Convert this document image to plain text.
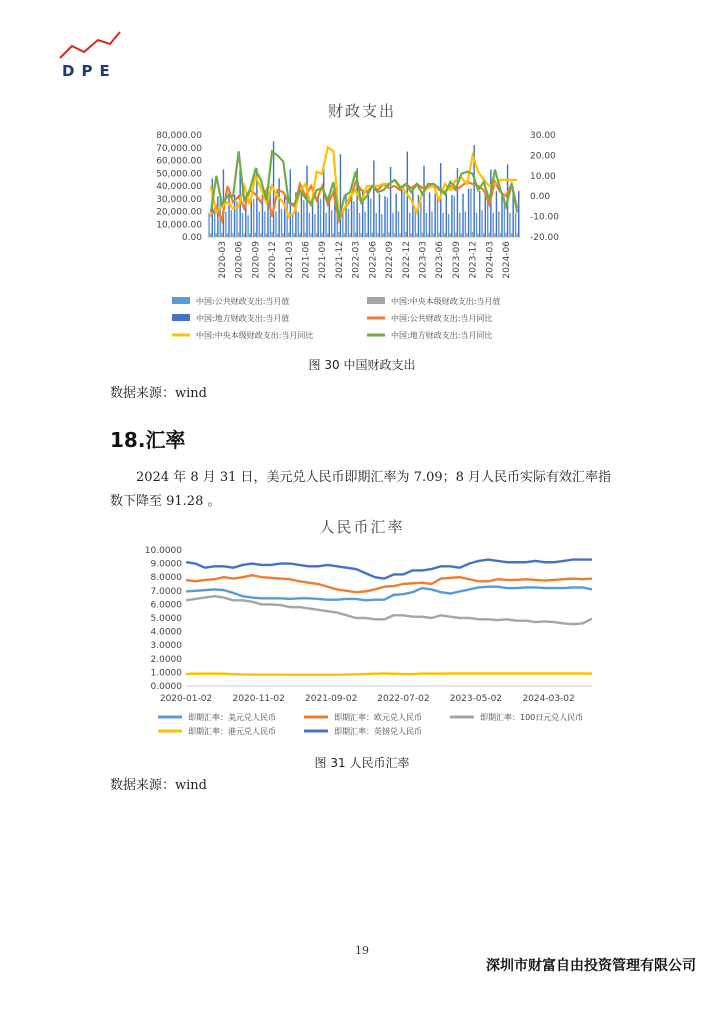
DPE
财政支出
80,000.00
70,000.00
60,000.00
50,000.00
40,000.00
30,000.00
20,000.00
10,000.00
0.00
30.00
20.00
10.00
0.00
-10.00
-20.00
2020-03 2020-06 2020-09 2020-12 2021-03 2021-06 2021-09 2021-12 2022-03 2022-06 2022-09 2022-12 2023-03 2023-06 2023-09 2023-12 2024-03 2024-06
中国:公共财政支出:当月值	中国:中央本级财政支出:当月值
中国:地方财政支出:当月值	中国:公共财政支出:当月同比
中国:中央本级财政支出:当月同比	中国:地方财政支出:当月同比
图 30 中国财政支出
数据来源：wind
18.汇率
2024 年 8 月 31 日，美元兑人民币即期汇率为 7.09；8 月人民币实际有效汇率指数下降至 91.28 。
人民币汇率
10.0000
9.0000
8.0000
7.0000
6.0000
5.0000
4.0000
3.0000
2.0000
1.0000
0.0000
2020-01-02 2020-11-02 2021-09-02 2022-07-02 2023-05-02 2024-03-02
即期汇率：美元兑人民币	即期汇率：欧元兑人民币	即期汇率：100日元兑人民币
即期汇率：港元兑人民币	即期汇率：英镑兑人民币
图 31 人民币汇率
数据来源：wind
19
深圳市财富自由投资管理有限公司
